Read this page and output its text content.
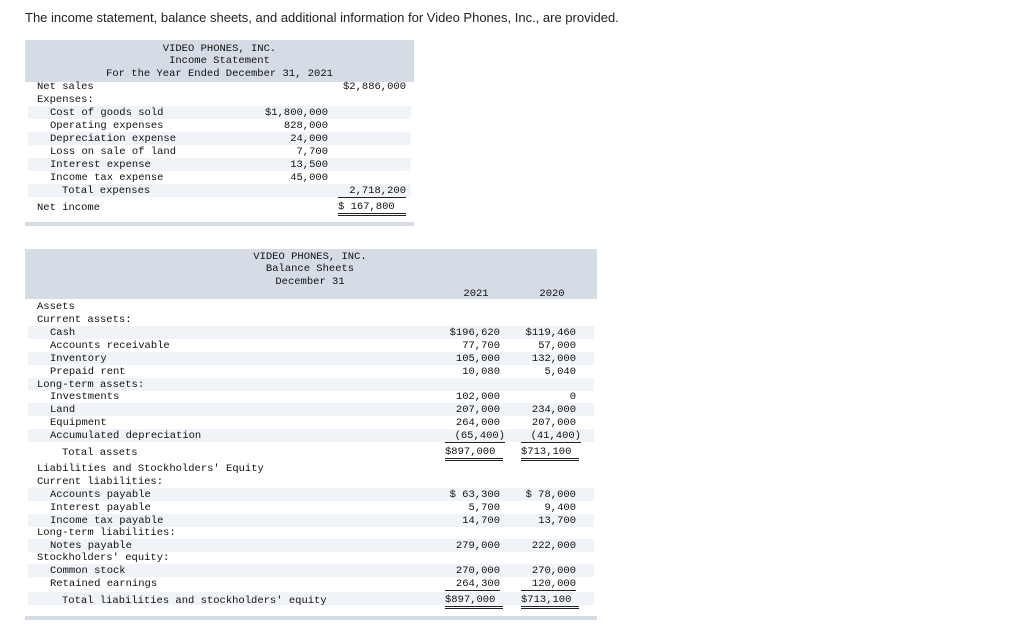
The income statement, balance sheets, and additional information for Video Phones, Inc., are provided.
VIDEO PHONES, INC.
Income Statement
For the Year Ended December 31, 2021
Net sales	$2,886,000
Expenses:
Cost of goods sold	$1,800,000
Operating expenses	828,000
Depreciation expense	24,000
Loss on sale of land	7,700
Interest expense	13,500
Income tax expense	45,000
Total expenses	2,718,200
Net income	$ 167,800
VIDEO PHONES, INC.
Balance Sheets
December 31
2021	2020
Assets
Current assets:
Cash	$196,620	$119,460
Accounts receivable	77,700	57,000
Inventory	105,000	132,000
Prepaid rent	10,080	5,040
Long-term assets:
Investments	102,000	0
Land	207,000	234,000
Equipment	264,000	207,000
Accumulated depreciation	(65,400)	(41,400)
Total assets	$897,000	$713,100
Liabilities and Stockholders' Equity
Current liabilities:
Accounts payable	$ 63,300	$ 78,000
Interest payable	5,700	9,400
Income tax payable	14,700	13,700
Long-term liabilities:
Notes payable	279,000	222,000
Stockholders' equity:
Common stock	270,000	270,000
Retained earnings	264,300	120,000
Total liabilities and stockholders' equity	$897,000	$713,100
